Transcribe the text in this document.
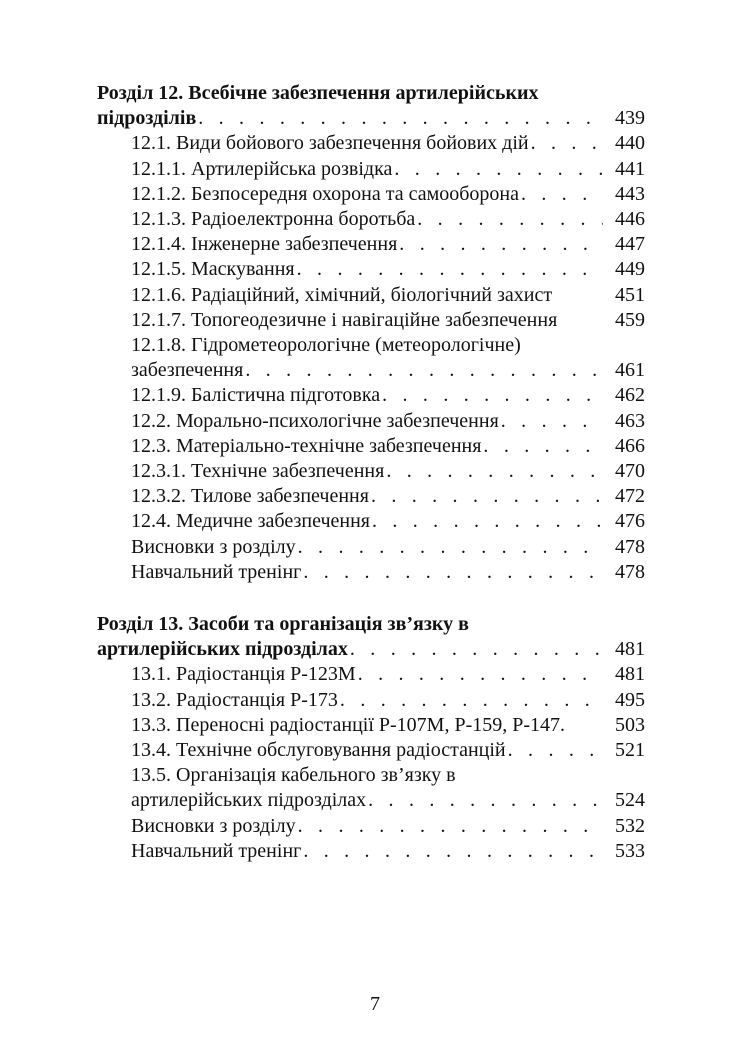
Розділ 12. Всебічне забезпечення артилерійських
підрозділів . . .	439
12.1. Види бойового забезпечення бойових дій . . .	440
12.1.1. Артилерійська розвідка . . .	441
12.1.2. Безпосередня охорона та самооборона . . .	443
12.1.3. Радіоелектронна боротьба . . .	446
12.1.4. Інженерне забезпечення . . .	447
12.1.5. Маскування . . .	449
12.1.6. Радіаційний, хімічний, біологічний захист	451
12.1.7. Топогеодезичне і навігаційне забезпечення	459
12.1.8. Гідрометеорологічне (метеорологічне)
забезпечення . . .	461
12.1.9. Балістична підготовка . . .	462
12.2. Морально-психологічне забезпечення . . .	463
12.3. Матеріально-технічне забезпечення . . .	466
12.3.1. Технічне забезпечення . . .	470
12.3.2. Тилове забезпечення . . .	472
12.4. Медичне забезпечення . . .	476
Висновки з розділу . . .	478
Навчальний тренінг . . .	478
Розділ 13. Засоби та організація зв’язку в
артилерійських підрозділах . . .	481
13.1. Радіостанція Р-123М . . .	481
13.2. Радіостанція Р-173 . . .	495
13.3. Переносні радіостанції Р-107М, Р-159, Р-147.	503
13.4. Технічне обслуговування радіостанцій . . .	521
13.5. Організація кабельного зв’язку в
артилерійських підрозділах . . .	524
Висновки з розділу . . .	532
Навчальний тренінг . . .	533
7
